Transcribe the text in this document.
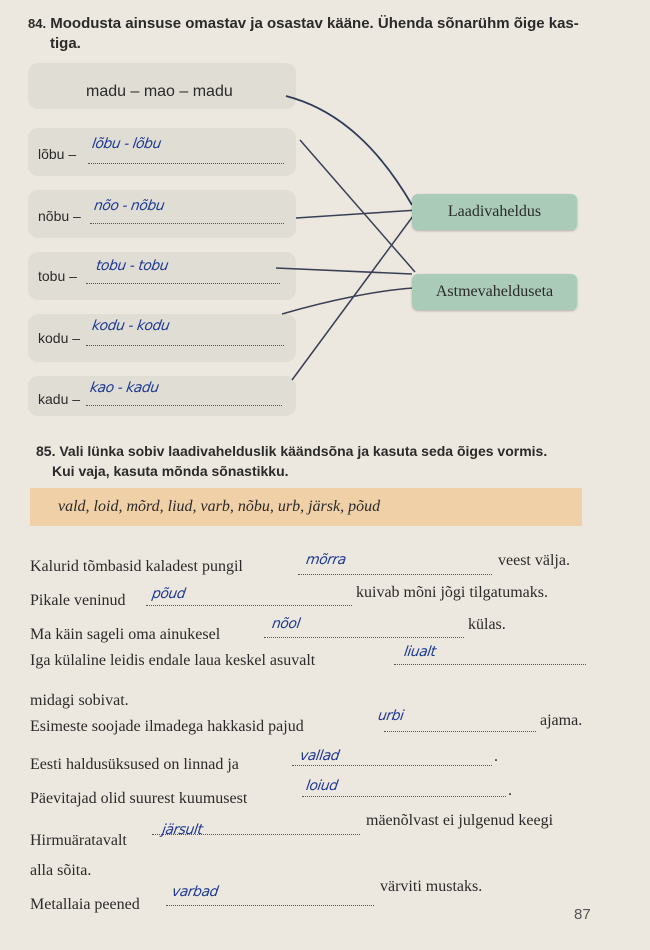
84. Moodusta ainsuse omastav ja osastav kääne. Ühenda sõnarühm õige kas-
tiga.
madu – mao – madu
lõbu –
lõbu - lõbu
nõbu –
nõo - nõbu
tobu –
tobu - tobu
kodu –
kodu - kodu
kadu –
kao - kadu
Laadivaheldus
Astmevahelduseta
85. Vali lünka sobiv laadivahelduslik käändsõna ja kasuta seda õiges vormis.
Kui vaja, kasuta mõnda sõnastikku.
vald, loid, mõrd, liud, varb, nõbu, urb, järsk, põud
Kalurid tõmbasid kaladest pungil	mõrra	veest välja.
Pikale veninud põud	kuivab mõni jõgi tilgatumaks.
Ma käin sageli oma ainukesel
nõol	külas.
Iga külaline leidis endale laua keskel asuvalt	liualt
midagi sobivat.
Esimeste soojade ilmadega hakkasid pajud
urbi	ajama.
Eesti haldusüksused on linnad ja	vallad	.
Päevitajad olid suurest kuumusest
loiud	.
Hirmuäratavalt
järsult
mäenõlvast ei julgenud keegi
alla sõita.
Metallaia peened
varbad	värviti mustaks.
87
